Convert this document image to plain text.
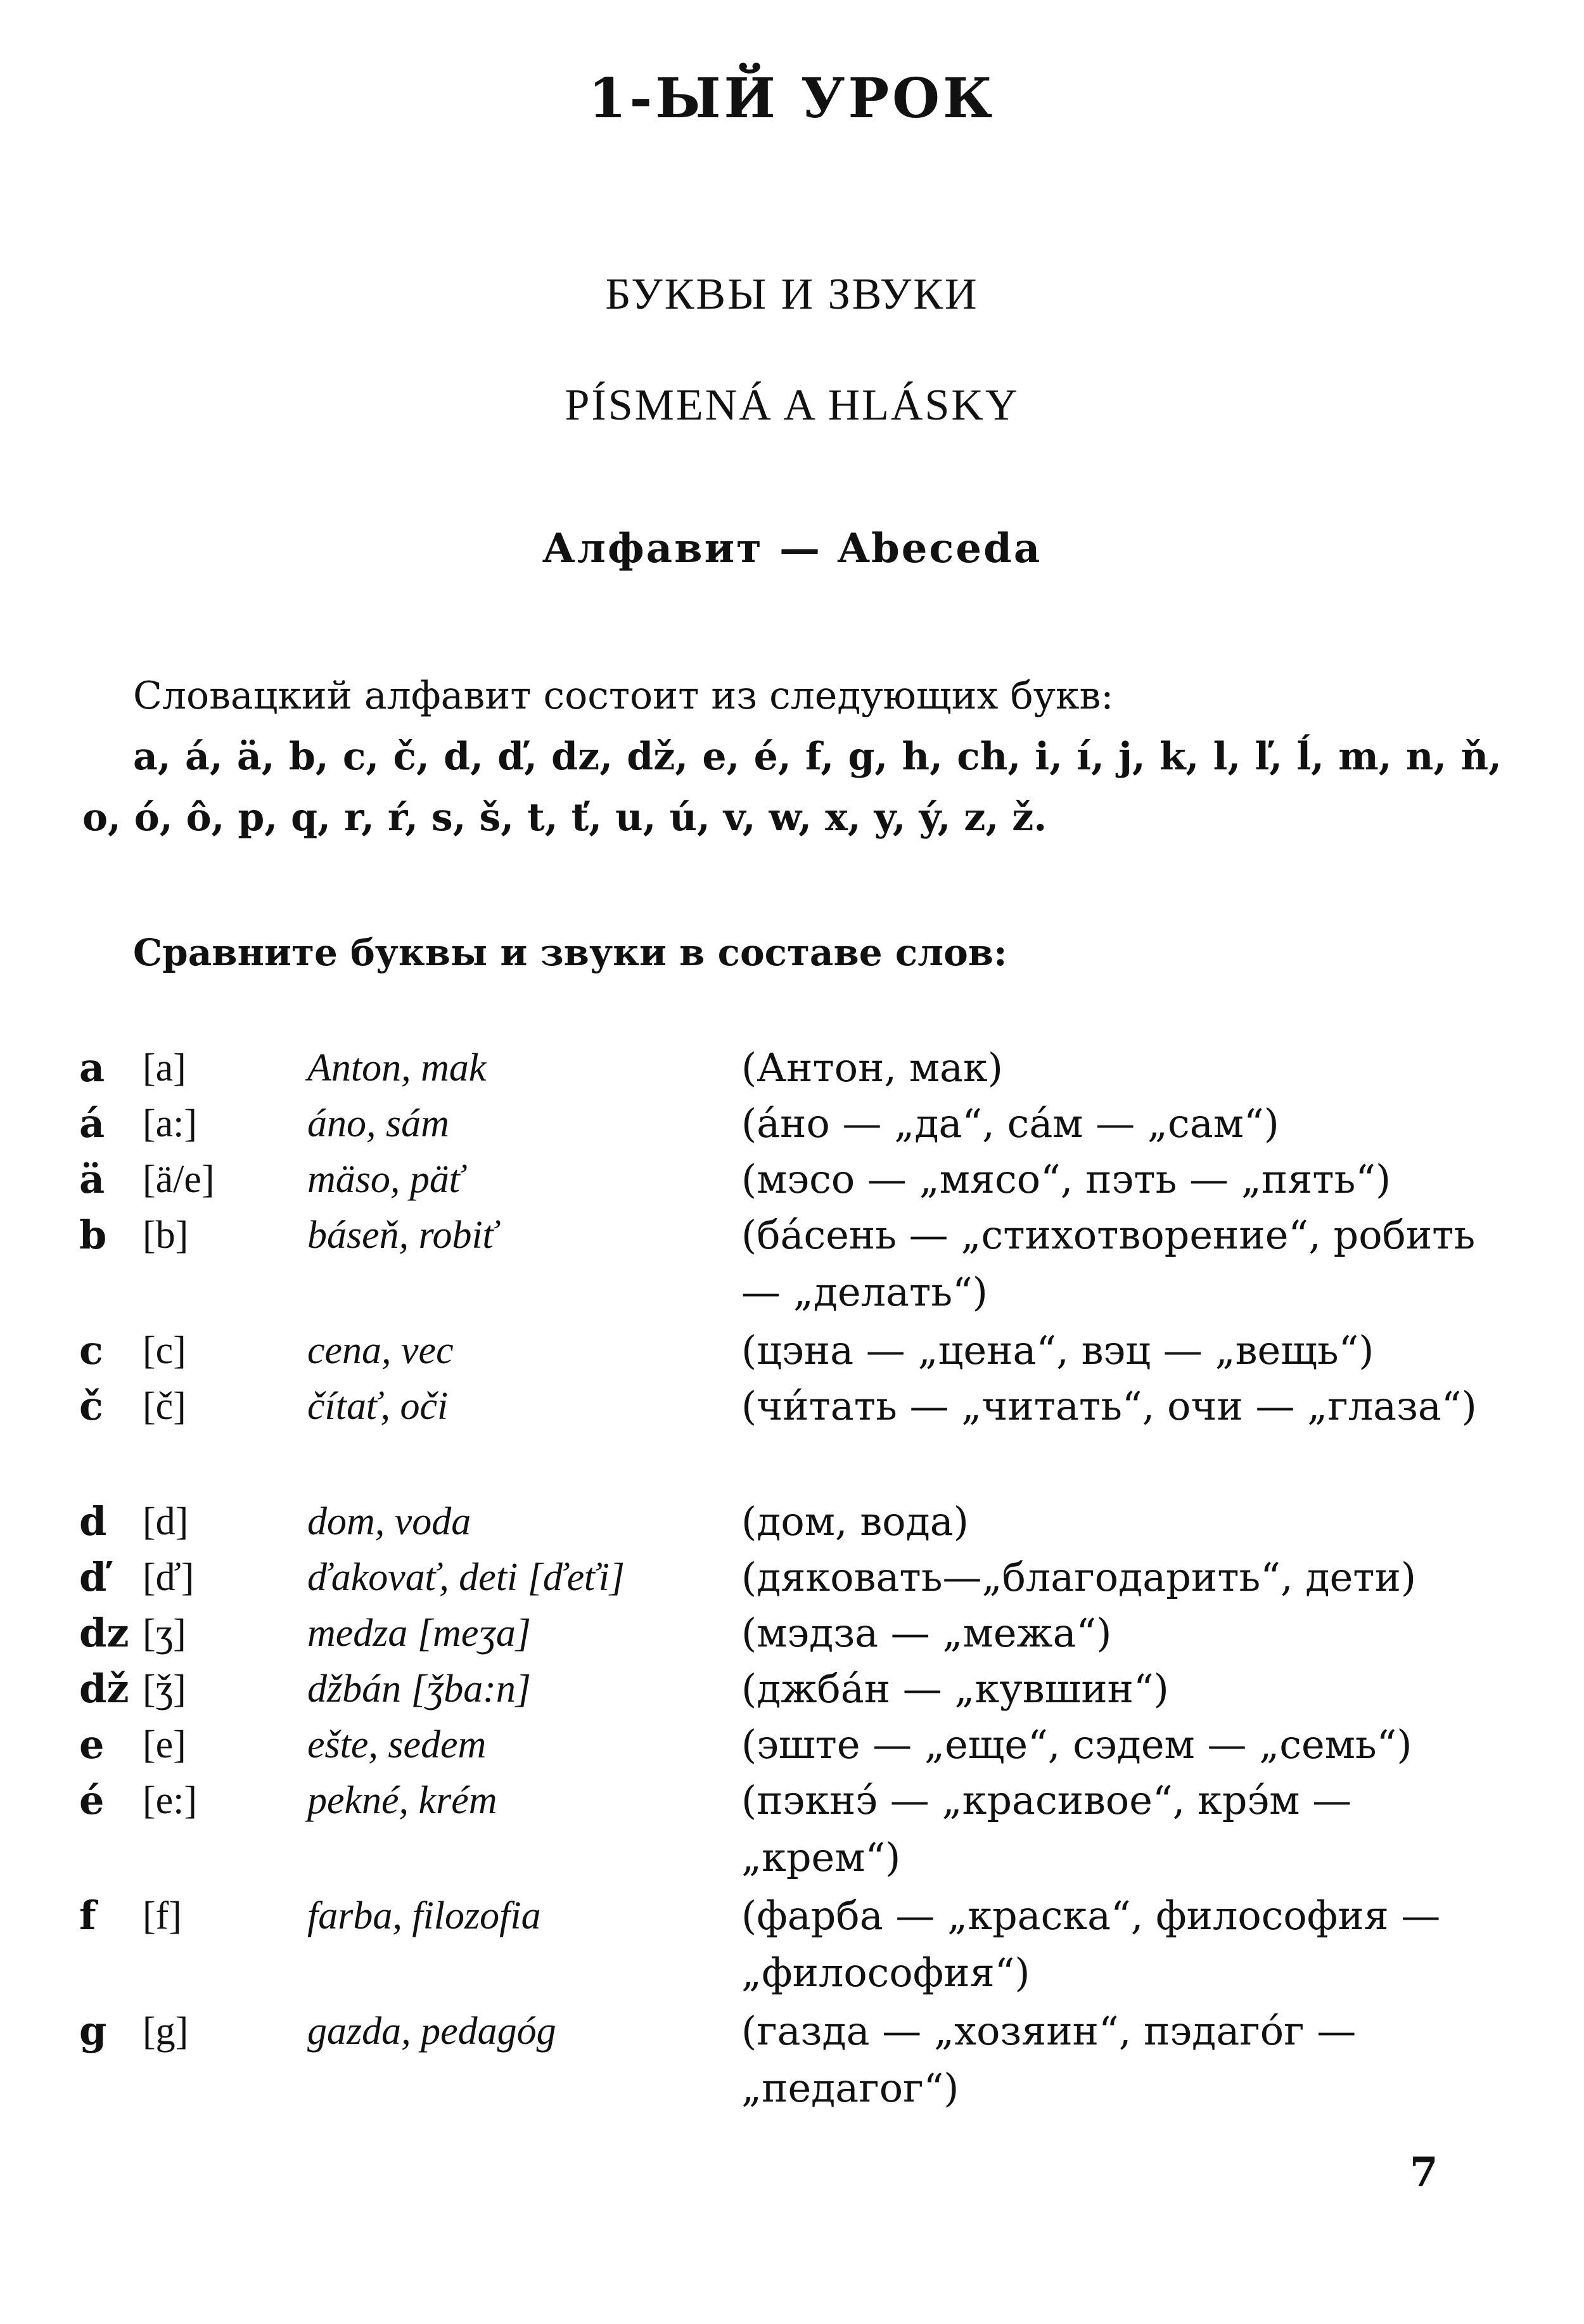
1-ЫЙ УРОК
БУКВЫ И ЗВУКИ
PÍSMENÁ A HLÁSKY
Алфавит — Abeceda
Словацкий алфавит состоит из следующих букв:
a, á, ä, b, c, č, d, ď, dz, dž, e, é, f, g, h, ch, i, í, j, k, l, ľ, ĺ, m, n, ň, o, ó, ô, p, q, r, ŕ, s, š, t, ť, u, ú, v, w, x, y, ý, z, ž.
Сравните буквы и звуки в составе слов:
a [a]	Anton, mak	(Антон, мак)
á [a:]	áno, sám	(áно — „да“, сáм — „сам“)
ä [ä/e]	mäso, päť	(мэсо — „мясо“, пэть — „пять“)
b [b]	báseň, robiť	(бáсень — „стихотворение“, робить — „делать“)
c	[c]	cena, vec	(цэна — „цена“, вэц — „вещь“)
č	[č]	čítať, oči	(чи́тать — „читать“, очи — „глаза“)
d [d]	dom, voda	(дом, вода)
ď [ď]	ďakovať, deti [ďeťi]	(дяковать—„благодарить“, дети)
dz [ʒ]	medza [meʒa]	(мэдза — „межа“)
dž [ǯ]	džbán [ǯba:n]	(джбáн — „кувшин“)
e [e]	ešte, sedem	(эште — „еще“, сэдем — „семь“)
é [e:]	pekné, krém	(пэкнэ́ — „красивое“, крэ́м — „крем“)
f	[f]	farba, filozofia	(фарба — „краска“, философия — „философия“)
g [g]	gazda, pedagóg	(газда — „хозяин“, пэдагóг — „педагог“)
7
